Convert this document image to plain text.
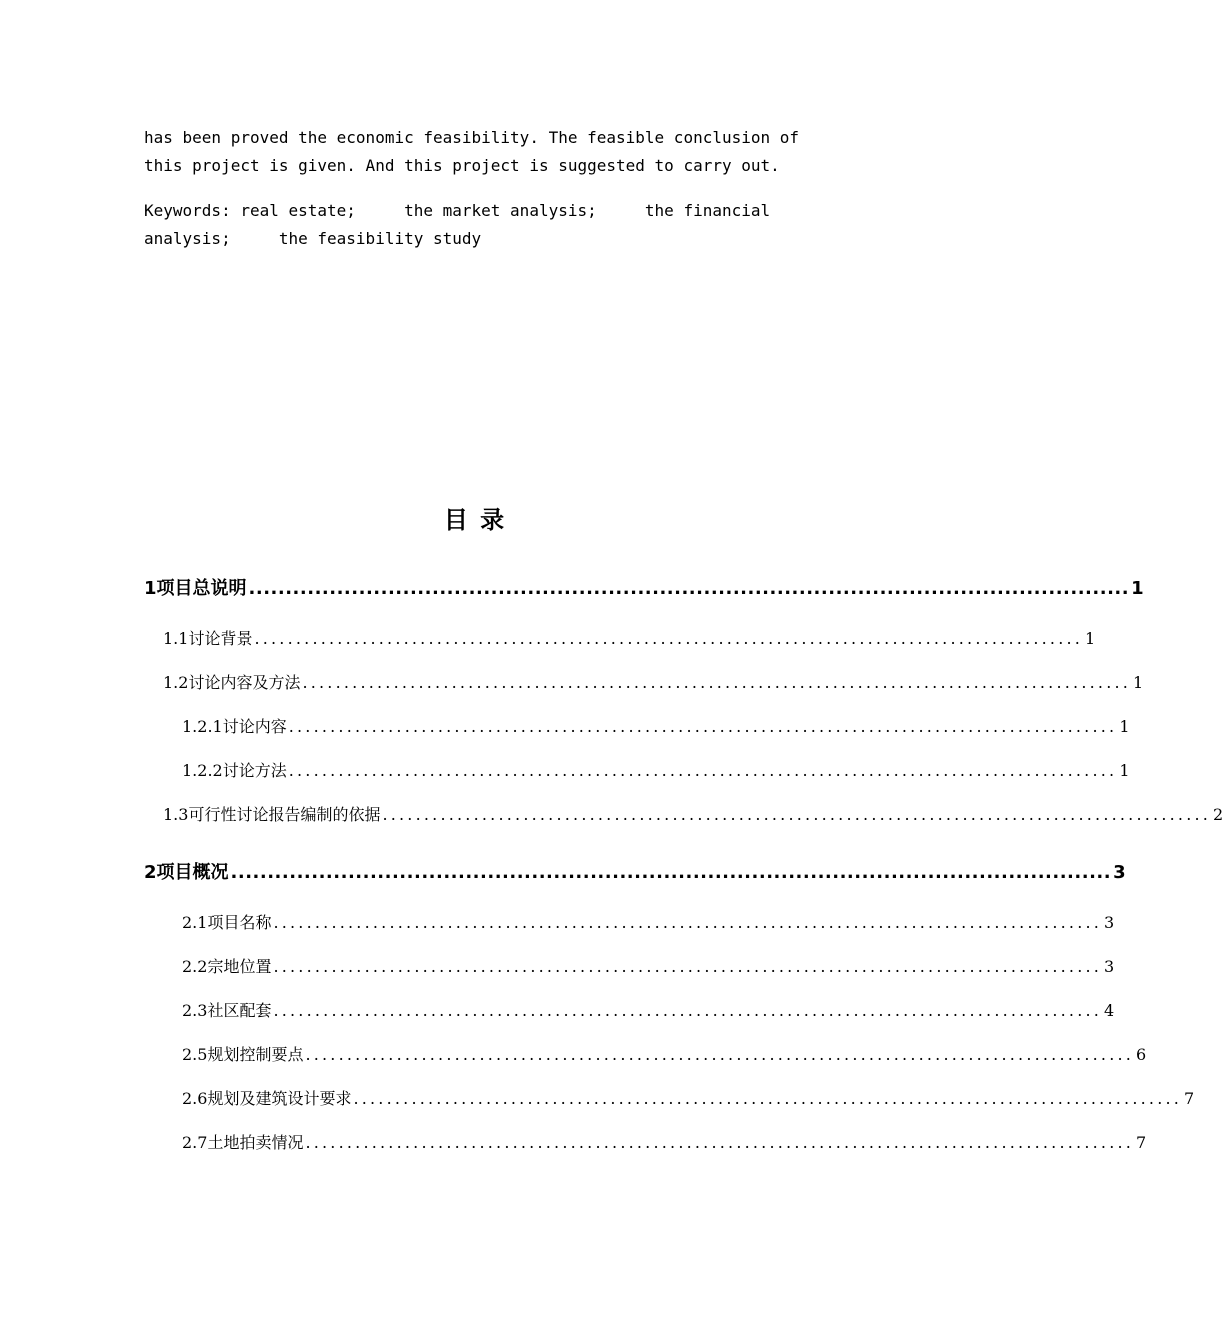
has been proved the economic feasibility. The feasible conclusion of
this project is given. And this project is suggested to carry out.
Keywords: real estate;     the market analysis;     the financial
analysis;     the feasibility study
目 录
1项目总说明 ........................................................................................................................ 1
1.1讨论背景 .................................................................................................... 1
1.2讨论内容及方法 .................................................................................................... 1
1.2.1讨论内容 .................................................................................................... 1
1.2.2讨论方法 .................................................................................................... 1
1.3可行性讨论报告编制的依据 .................................................................................................... 2
2项目概况 ........................................................................................................................ 3
2.1项目名称 .................................................................................................... 3
2.2宗地位置 .................................................................................................... 3
2.3社区配套 .................................................................................................... 4
2.5规划控制要点 .................................................................................................... 6
2.6规划及建筑设计要求 .................................................................................................... 7
2.7土地拍卖情况 .................................................................................................... 7
